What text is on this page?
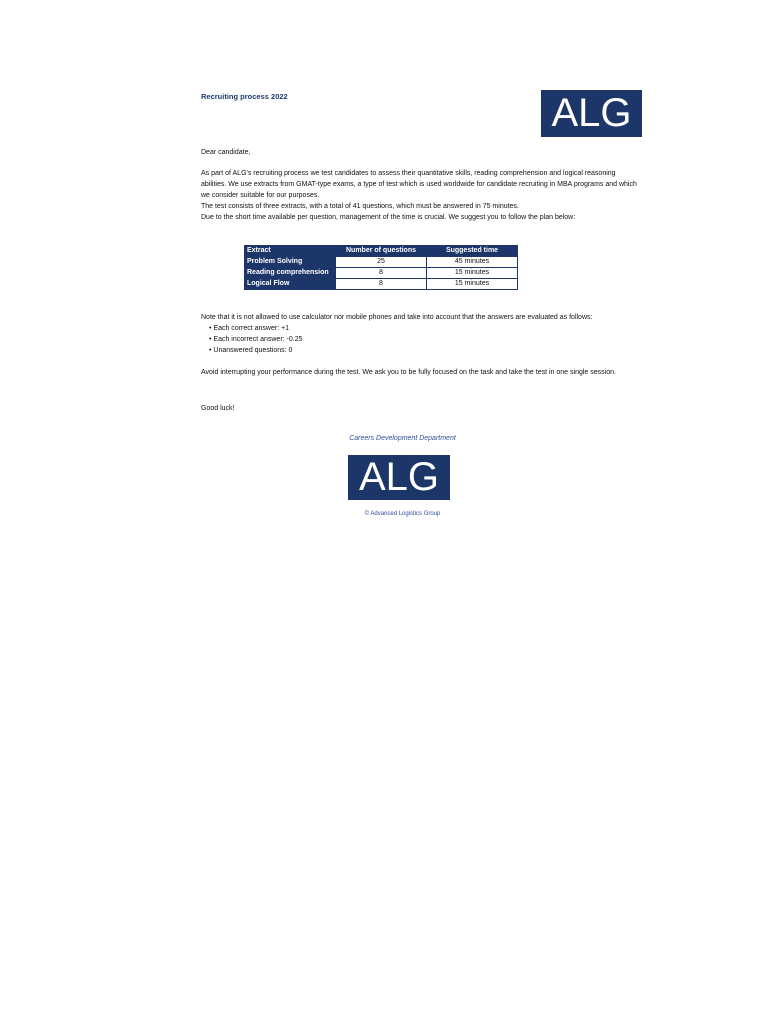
Recruiting process 2022	ALG
Dear candidate,

As part of ALG's recruiting process we test candidates to assess their quantitative skills, reading comprehension and logical reasoning abilities. We use extracts from GMAT-type exams, a type of test which is used worldwide for candidate recruiting in MBA programs and which we consider suitable for our purposes.

The test consists of three extracts, with a total of 41 questions, which must be answered in 75 minutes.

Due to the short time available per question, management of the time is crucial. We suggest you to follow the plan below:

Extract	Number of questions	Suggested time
Problem Solving	25	45 minutes
Reading comprehension	8	15 minutes
Logical Flow	8	15 minutes
Note that it is not allowed to use calculator nor mobile phones and take into account that the answers are evaluated as follows:
• Each correct answer: +1
• Each incorrect answer: -0.25
• Unanswered questions: 0
Avoid interrupting your performance during the test. We ask you to be fully focused on the task and take the test in one single session.
Good luck!
Careers Development Department
ALG
© Advanced Logistics Group
